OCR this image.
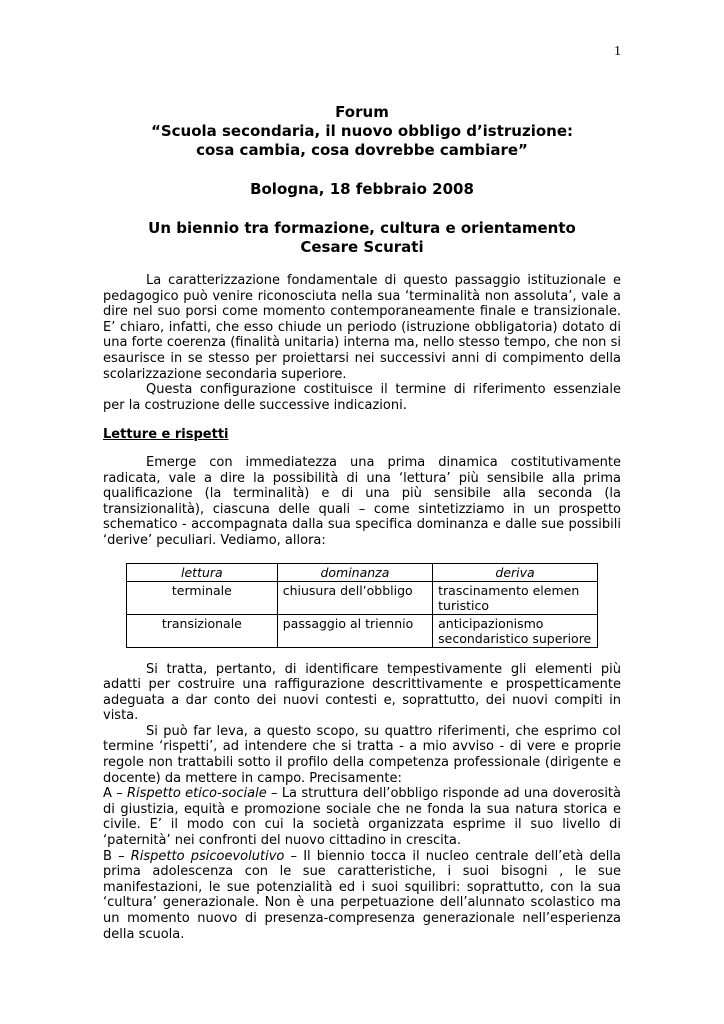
1
Forum
“Scuola secondaria, il nuovo obbligo d’istruzione:
cosa cambia, cosa dovrebbe cambiare”
Bologna, 18 febbraio 2008
Un biennio tra formazione, cultura e orientamento
Cesare Scurati

La caratterizzazione fondamentale di questo passaggio istituzionale e pedagogico può venire riconosciuta nella sua ‘terminalità non assoluta’, vale a dire nel suo porsi come momento contemporaneamente finale e transizionale. E’ chiaro, infatti, che esso chiude un periodo (istruzione obbligatoria) dotato di una forte coerenza (finalità unitaria) interna ma, nello stesso tempo, che non si esaurisce in se stesso per proiettarsi nei successivi anni di compimento della scolarizzazione secondaria superiore.

Questa configurazione costituisce il termine di riferimento essenziale per la costruzione delle successive indicazioni.

Letture e rispetti

Emerge con immediatezza una prima dinamica costitutivamente radicata, vale a dire la possibilità di una ‘lettura’ più sensibile alla prima qualificazione (la terminalità) e di una più sensibile alla seconda (la transizionalità), ciascuna delle quali – come sintetizziamo in un prospetto schematico - accompagnata dalla sua specifica dominanza e dalle sue possibili ‘derive’ peculiari. Vediamo, allora:

lettura	dominanza	deriva
terminale	chiusura dell’obbligo	trascinamento elemen turistico
transizionale	passaggio al triennio	anticipazionismo secondaristico superiore

Si tratta, pertanto, di identificare tempestivamente gli elementi più adatti per costruire una raffigurazione descrittivamente e prospetticamente adeguata a dar conto dei nuovi contesti e, soprattutto, dei nuovi compiti in vista.

Si può far leva, a questo scopo, su quattro riferimenti, che esprimo col termine ‘rispetti’, ad intendere che si tratta - a mio avviso - di vere e proprie regole non trattabili sotto il profilo della competenza professionale (dirigente e docente) da mettere in campo. Precisamente:

A – Rispetto etico-sociale – La struttura dell’obbligo risponde ad una doverosità di giustizia, equità e promozione sociale che ne fonda la sua natura storica e civile. E’ il modo con cui la società organizzata esprime il suo livello di ‘paternità’ nei confronti del nuovo cittadino in crescita.

B – Rispetto psicoevolutivo – Il biennio tocca il nucleo centrale dell’età della prima adolescenza con le sue caratteristiche, i suoi bisogni , le sue manifestazioni, le sue potenzialità ed i suoi squilibri: soprattutto, con la sua ‘cultura’ generazionale. Non è una perpetuazione dell’alunnato scolastico ma un momento nuovo di presenza-compresenza generazionale nell’esperienza della scuola.
